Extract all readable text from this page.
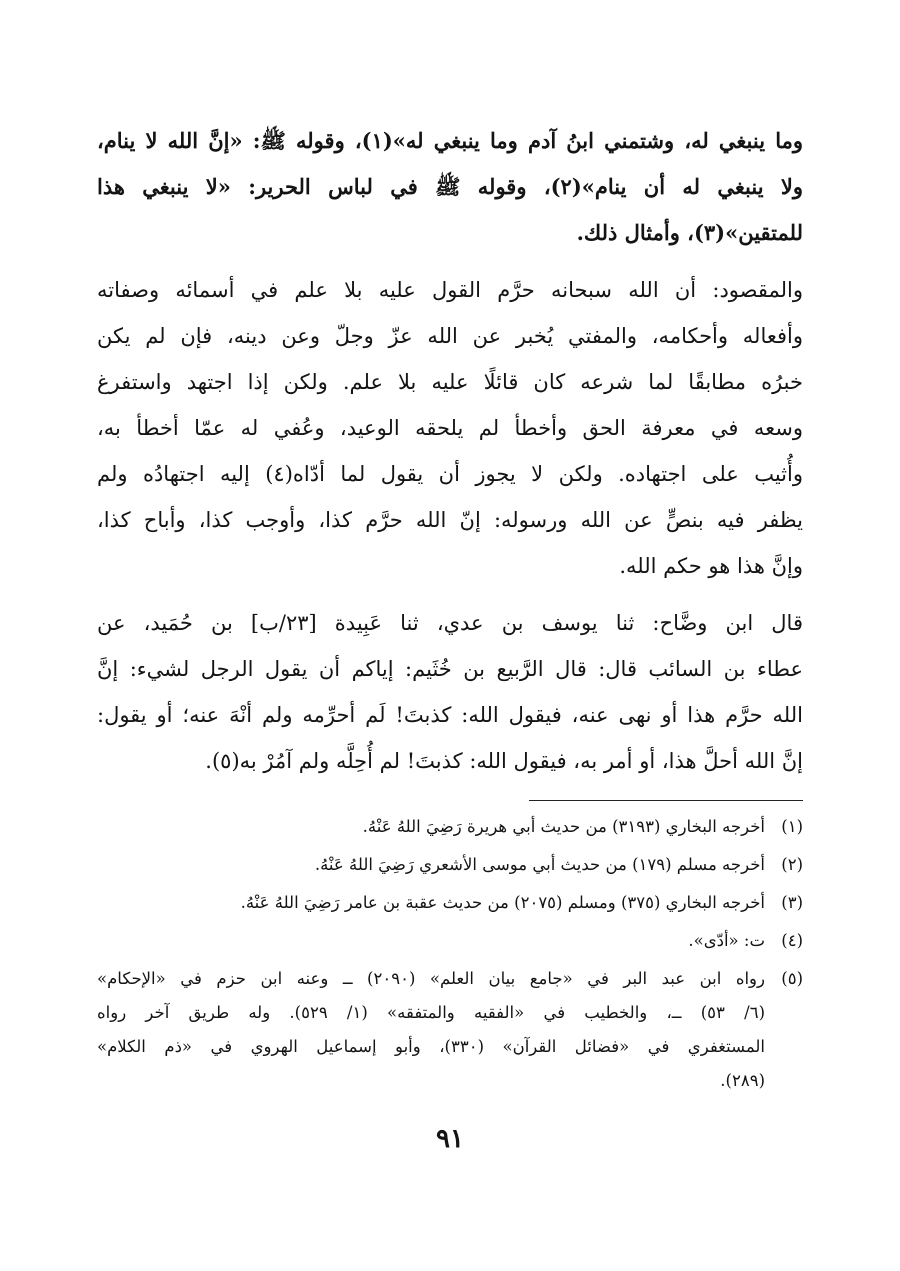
وما ينبغي له، وشتمني ابنُ آدم وما ينبغي له»(١)، وقوله ﷺ: «إنَّ الله لا ينام،
ولا ينبغي له أن ينام»(٢)، وقوله ﷺ في لباس الحرير: «لا ينبغي هذا
للمتقين»(٣)، وأمثال ذلك.
والمقصود: أن الله سبحانه حرَّم القول عليه بلا علم في أسمائه وصفاته
وأفعاله وأحكامه، والمفتي يُخبر عن الله عزّ وجلّ وعن دينه، فإن لم يكن
خبرُه مطابقًا لما شرعه كان قائلًا عليه بلا علم. ولكن إذا اجتهد واستفرغ
وسعه في معرفة الحق وأخطأ لم يلحقه الوعيد، وعُفي له عمّا أخطأ به،
وأُثيب على اجتهاده. ولكن لا يجوز أن يقول لما أدّاه(٤) إليه اجتهادُه ولم
يظفر فيه بنصٍّ عن الله ورسوله: إنّ الله حرَّم كذا، وأوجب كذا، وأباح كذا،
وإنَّ هذا هو حكم الله.
قال ابن وضَّاح: ثنا يوسف بن عدي، ثنا عَبِيدة [٢٣/ب] بن حُمَيد، عن
عطاء بن السائب قال: قال الرَّبيع بن خُثَيم: إياكم أن يقول الرجل لشيء: إنَّ
الله حرَّم هذا أو نهى عنه، فيقول الله: كذبتَ! لَم أحرِّمه ولم أنْهَ عنه؛ أو يقول:
إنَّ الله أحلَّ هذا، أو أمر به، فيقول الله: كذبتَ! لم أُحِلَّه ولم آمُرْ به(٥).
(١)
أخرجه البخاري (٣١٩٣) من حديث أبي هريرة رَضِيَ اللهُ عَنْهُ.
(٢)
أخرجه مسلم (١٧٩) من حديث أبي موسى الأشعري رَضِيَ اللهُ عَنْهُ.
(٣)
أخرجه البخاري (٣٧٥) ومسلم (٢٠٧٥) من حديث عقبة بن عامر رَضِيَ اللهُ عَنْهُ.
(٤)
ت: «أدّى».
(٥)
رواه ابن عبد البر في «جامع بيان العلم» (٢٠٩٠) ــ وعنه ابن حزم في «الإحكام»
(٦/ ٥٣) ــ، والخطيب في «الفقيه والمتفقه» (١/ ٥٢٩). وله طريق آخر رواه
المستغفري في «فضائل القرآن» (٣٣٠)، وأبو إسماعيل الهروي في «ذم الكلام»
(٢٨٩).
٩١
